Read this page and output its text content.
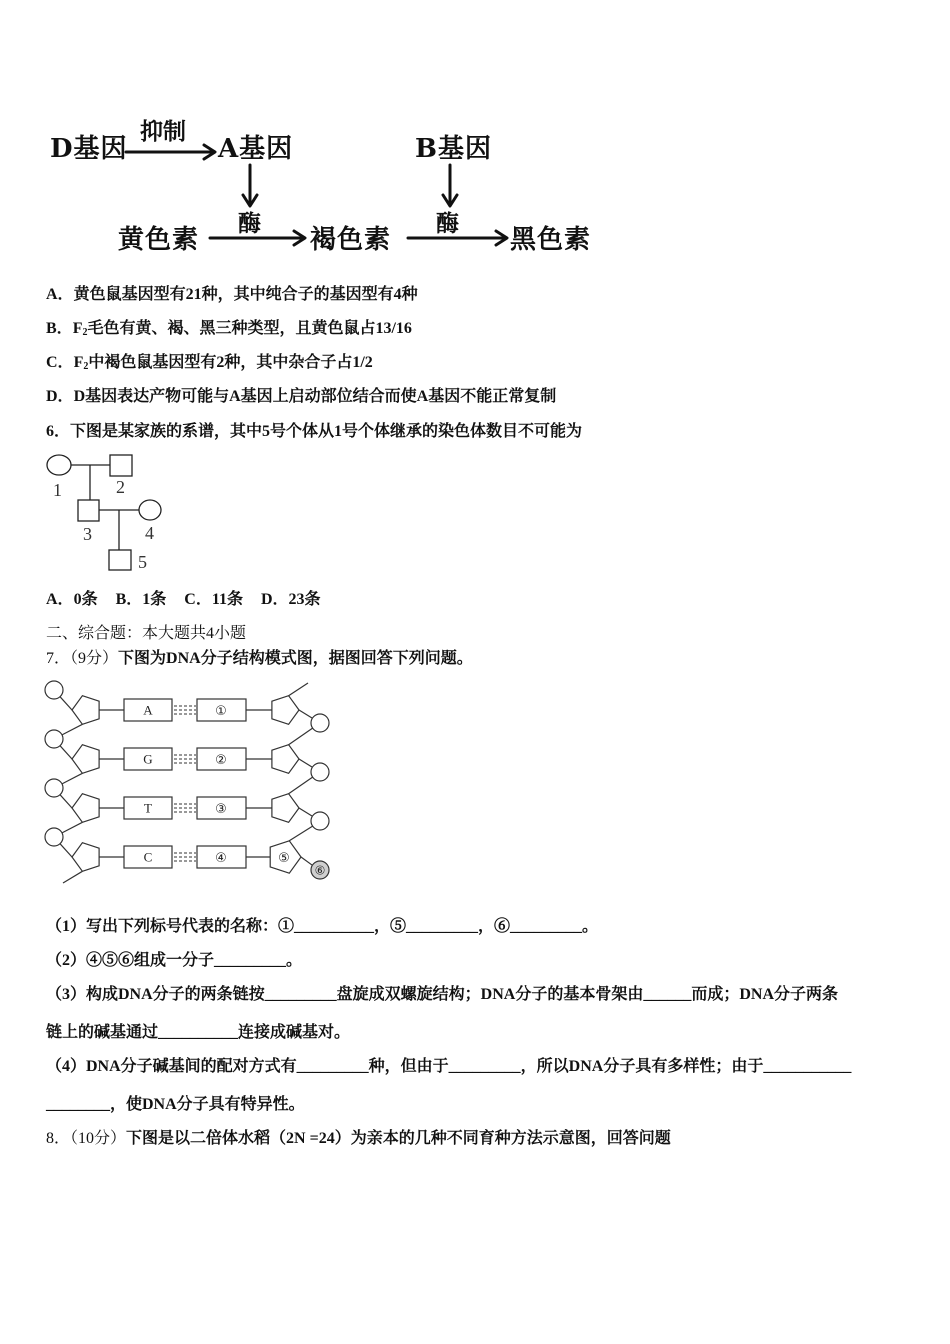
D基因
抑制
A基因
酶
黄色素	褐色素
B基因
酶
黑色素
A．黄色鼠基因型有21种，其中纯合子的基因型有4种
B．$F_2$毛色有黄、褐、黑三种类型，且黄色鼠占13/16
C．$F_2$中褐色鼠基因型有2种，其中杂合子占1/2
D．D基因表达产物可能与A基因上启动部位结合而使A基因不能正常复制
6．下图是某家族的系谱，其中5号个体从1号个体继承的染色体数目不可能为
1	2
3	4
5
A．0条 B．1条 C．11条 D．23条
二、综合题：本大题共4小题
7．（9分）下图为DNA分子结构模式图，据图回答下列问题。
A
G
T
C
①
②
③
④	⑤
⑥
（1）写出下列标号代表的名称：①__________，⑤_________，⑥_________。
（2）④⑤⑥组成一分子_________。
（3）构成DNA分子的两条链按_________盘旋成双螺旋结构；DNA分子的基本骨架由______而成；DNA分子两条
链上的碱基通过__________连接成碱基对。
（4）DNA分子碱基间的配对方式有_________种，但由于_________，所以DNA分子具有多样性；由于___________
________，使DNA分子具有特异性。
8．（10分）下图是以二倍体水稻（2N =24）为亲本的几种不同育种方法示意图，回答问题
